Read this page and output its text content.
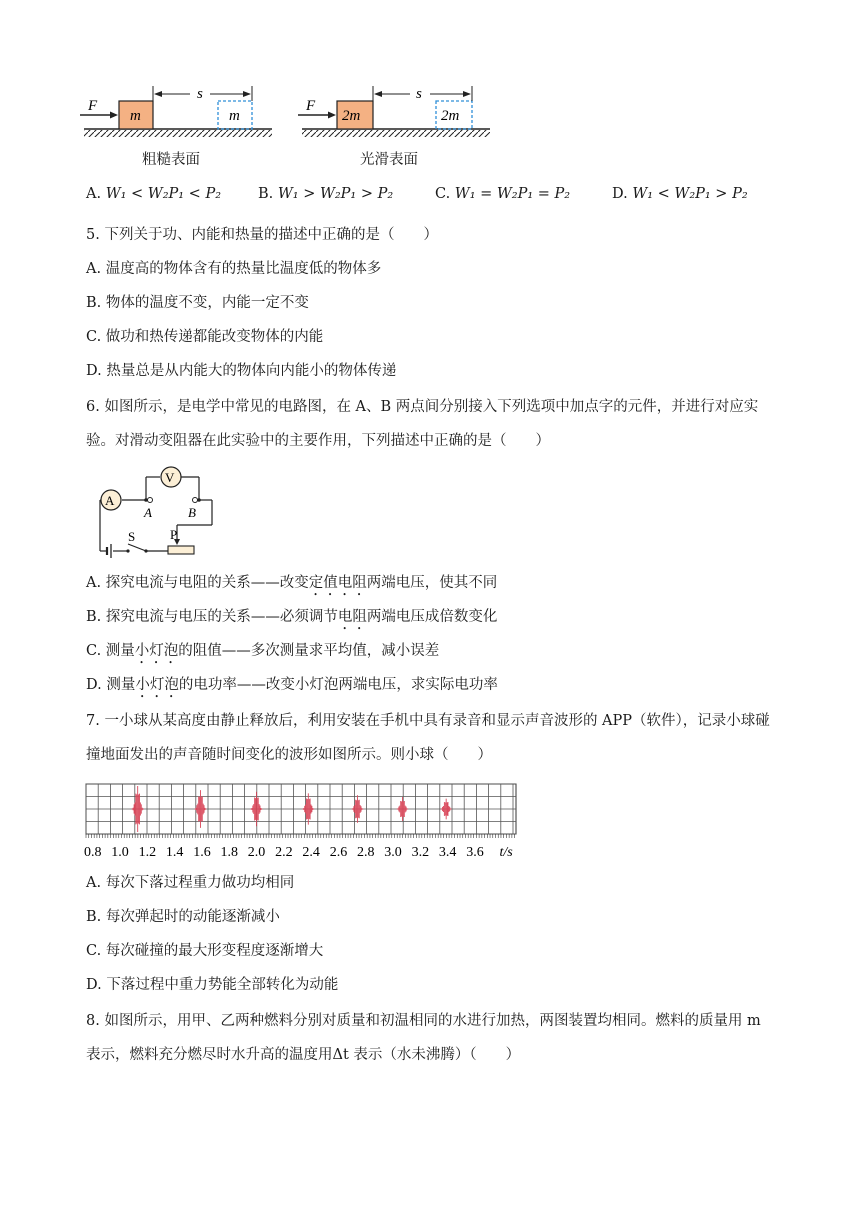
F
m	m
s
F
2m	2m
s
粗糙表面	光滑表面
A. W₁ < W₂P₁ < P₂	B. W₁ > W₂P₁ > P₂	C. W₁ = W₂P₁ = P₂	D. W₁ < W₂P₁ > P₂
5. 下列关于功、内能和热量的描述中正确的是（　　）
A. 温度高的物体含有的热量比温度低的物体多
B. 物体的温度不变，内能一定不变
C. 做功和热传递都能改变物体的内能
D. 热量总是从内能大的物体向内能小的物体传递
6. 如图所示，是电学中常见的电路图，在 A、B 两点间分别接入下列选项中加点字的元件，并进行对应实
验。对滑动变阻器在此实验中的主要作用，下列描述中正确的是（　　）
A
V
A	B
P
S
A. 探究电流与电阻的关系——改变定值电阻两端电压，使其不同
B. 探究电流与电压的关系——必须调节电阻两端电压成倍数变化
C. 测量小灯泡的阻值——多次测量求平均值，减小误差
D. 测量小灯泡的电功率——改变小灯泡两端电压，求实际电功率
7. 一小球从某高度由静止释放后，利用安装在手机中具有录音和显示声音波形的 APP（软件），记录小球碰
撞地面发出的声音随时间变化的波形如图所示。则小球（　　）
0.8 1.0 1.2 1.4 1.6 1.8 2.0 2.2 2.4 2.6 2.8 3.0 3.2 3.4 3.6 t/s
A. 每次下落过程重力做功均相同
B. 每次弹起时的动能逐渐减小
C. 每次碰撞的最大形变程度逐渐增大
D. 下落过程中重力势能全部转化为动能
8. 如图所示，用甲、乙两种燃料分别对质量和初温相同的水进行加热，两图装置均相同。燃料的质量用 m
表示，燃料充分燃尽时水升高的温度用Δt 表示（水未沸腾）（　　）
